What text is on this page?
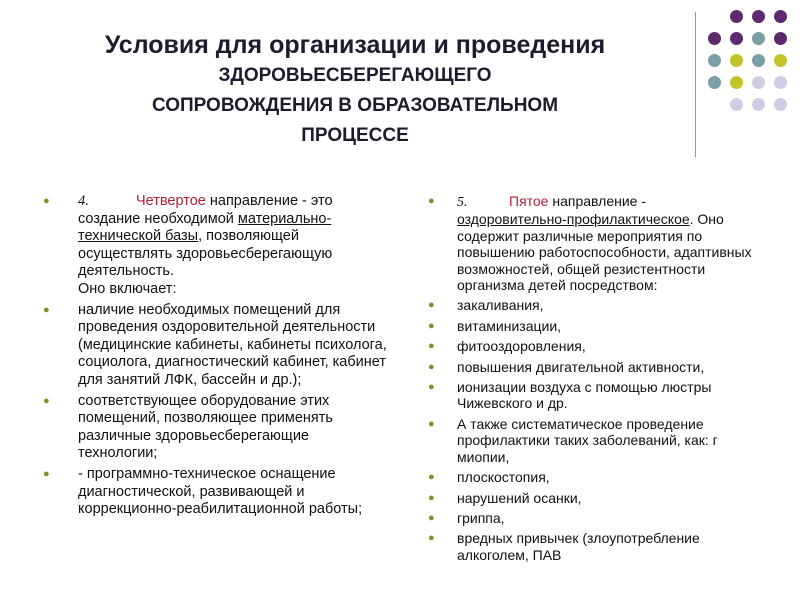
Условия для организации и проведения
ЗДОРОВЬЕСБЕРЕГАЮЩЕГО
СОПРОВОЖДЕНИЯ В ОБРАЗОВАТЕЛЬНОМ
ПРОЦЕССЕ
● 4.	Четвертое направление - это создание необходимой материально-технической базы, позволяющей осуществлять здоровьесберегающую деятельность.
Оно включает:
● наличие необходимых помещений для проведения оздоровительной деятельности (медицинские кабинеты, кабинеты психолога, социолога, диагностический кабинет, кабинет для занятий ЛФК, бассейн и др.);
● соответствующее оборудование этих помещений, позволяющее применять различные здоровьесберегающие технологии;
● - программно-техническое оснащение диагностической, развивающей и коррекционно-реабилитационной работы;
● 5.	Пятое направление -
оздоровительно-профилактическое. Оно содержит различные мероприятия по повышению работоспособности, адаптивных возможностей, общей резистентности организма детей посредством:
● закаливания,
● витаминизации,
● фитооздоровления,
● повышения двигательной активности,
● ионизации воздуха с помощью люстры Чижевского и др.
● А также систематическое проведение профилактики таких заболеваний, как: г миопии,
● плоскостопия,
● нарушений осанки,
● гриппа,
● вредных привычек (злоупотребление алкоголем, ПАВ
